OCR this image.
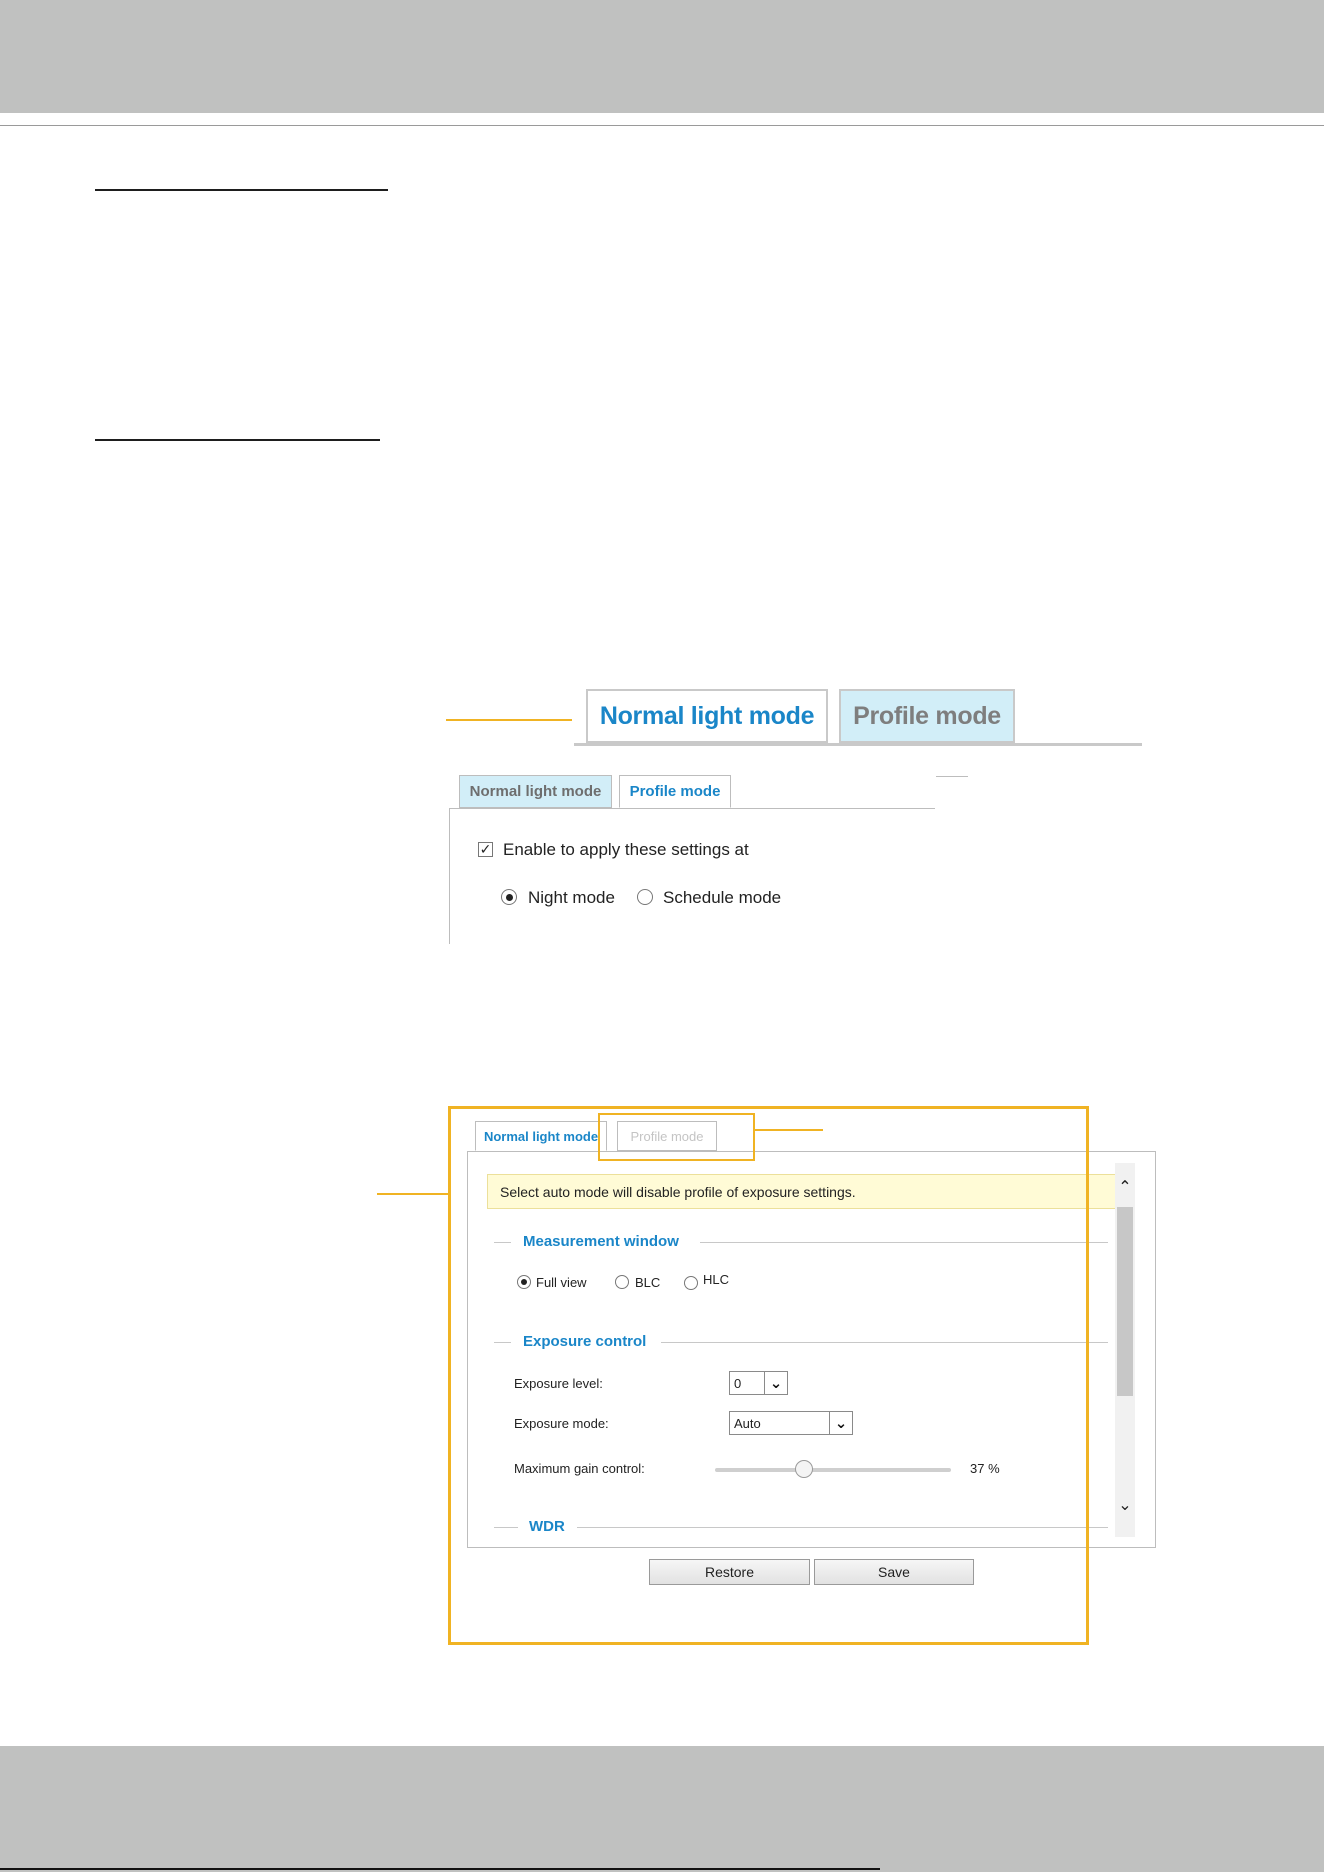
Normal light mode	Profile mode
Normal light mode	Profile mode
✓ Enable to apply these settings at
Night mode	Schedule mode
Normal light mode	Profile mode
Select auto mode will disable profile of exposure settings.
Measurement window
Full view	BLC	HLC
Exposure control
Exposure level:	0	⌄
Exposure mode:	Auto	⌄
Maximum gain control:	37 %
WDR
⌃
⌄
Restore	Save
